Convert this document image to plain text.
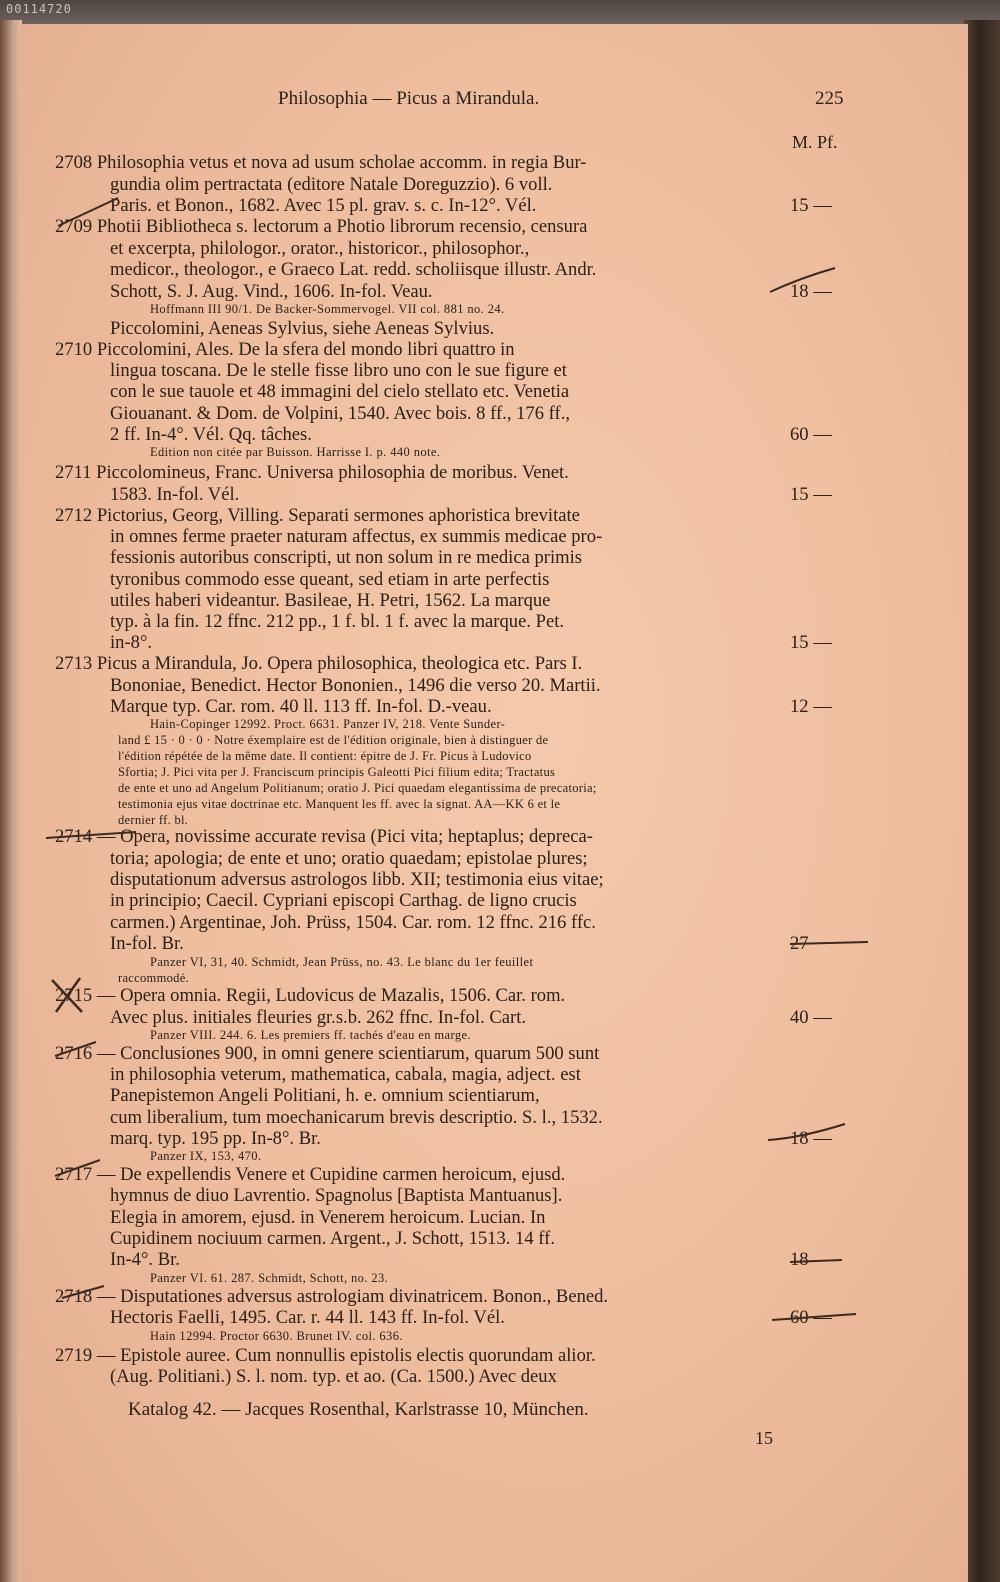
00114720
Philosophia — Picus a Mirandula.	225
M. Pf.
2708 Philosophia vetus et nova ad usum scholae accomm. in regia Bur-
gundia olim pertractata (editore Natale Doreguzzio). 6 voll.
Paris. et Bonon., 1682. Avec 15 pl. grav. s. c. In-12°. Vél.
2709 Photii Bibliotheca s. lectorum a Photio librorum recensio, censura
et excerpta, philologor., orator., historicor., philosophor.,
medicor., theologor., e Graeco Lat. redd. scholiisque illustr. Andr.
Schott, S. J. Aug. Vind., 1606. In-fol. Veau.
Hoffmann III 90/1. De Backer-Sommervogel. VII col. 881 no. 24.
Piccolomini, Aeneas Sylvius, siehe Aeneas Sylvius.
2710 Piccolomini, Ales. De la sfera del mondo libri quattro in
lingua toscana. De le stelle fisse libro uno con le sue figure et
con le sue tauole et 48 immagini del cielo stellato etc. Venetia
Giouanant. & Dom. de Volpini, 1540. Avec bois. 8 ff., 176 ff.,
2 ff. In-4°. Vél. Qq. tâches.
Edition non citée par Buisson. Harrisse I. p. 440 note.
2711 Piccolomineus, Franc. Universa philosophia de moribus. Venet.
1583. In-fol. Vél.
2712 Pictorius, Georg, Villing. Separati sermones aphoristica brevitate
in omnes ferme praeter naturam affectus, ex summis medicae pro-
fessionis autoribus conscripti, ut non solum in re medica primis
tyronibus commodo esse queant, sed etiam in arte perfectis
utiles haberi videantur. Basileae, H. Petri, 1562. La marque
typ. à la fin. 12 ffnc. 212 pp., 1 f. bl. 1 f. avec la marque. Pet.
in-8°.
2713 Picus a Mirandula, Jo. Opera philosophica, theologica etc. Pars I.
Bononiae, Benedict. Hector Bononien., 1496 die verso 20. Martii.
Marque typ. Car. rom. 40 ll. 113 ff. In-fol. D.-veau.
Hain-Copinger 12992. Proct. 6631. Panzer IV, 218. Vente Sunder-
land £ 15 · 0 · 0 · Notre éxemplaire est de l'édition originale, bien à distinguer de
l'édition répétée de la même date. Il contient: épitre de J. Fr. Picus à Ludovico
Sfortia; J. Pici vita per J. Franciscum principis Galeotti Pici filium edita; Tractatus
de ente et uno ad Angelum Politianum; oratio J. Pici quaedam elegantissima de precatoria;
testimonia ejus vitae doctrinae etc. Manquent les ff. avec la signat. AA—KK 6 et le
dernier ff. bl.
2714 — Opera, novissime accurate revisa (Pici vita; heptaplus; depreca-
toria; apologia; de ente et uno; oratio quaedam; epistolae plures;
disputationum adversus astrologos libb. XII; testimonia eius vitae;
in principio; Caecil. Cypriani episcopi Carthag. de ligno crucis
carmen.) Argentinae, Joh. Prüss, 1504. Car. rom. 12 ffnc. 216 ffc.
In-fol. Br.
Panzer VI, 31, 40. Schmidt, Jean Prüss, no. 43. Le blanc du 1er feuillet
raccommodé.
2715 — Opera omnia. Regii, Ludovicus de Mazalis, 1506. Car. rom.
Avec plus. initiales fleuries gr.s.b. 262 ffnc. In-fol. Cart.
Panzer VIII. 244. 6. Les premiers ff. tachés d'eau en marge.
2716 — Conclusiones 900, in omni genere scientiarum, quarum 500 sunt
in philosophia veterum, mathematica, cabala, magia, adject. est
Panepistemon Angeli Politiani, h. e. omnium scientiarum,
cum liberalium, tum moechanicarum brevis descriptio. S. l., 1532.
marq. typ. 195 pp. In-8°. Br.
Panzer IX, 153, 470.
2717 — De expellendis Venere et Cupidine carmen heroicum, ejusd.
hymnus de diuo Lavrentio. Spagnolus [Baptista Mantuanus].
Elegia in amorem, ejusd. in Venerem heroicum. Lucian. In
Cupidinem nociuum carmen. Argent., J. Schott, 1513. 14 ff.
In-4°. Br.
Panzer VI. 61. 287. Schmidt, Schott, no. 23.
2718 — Disputationes adversus astrologiam divinatricem. Bonon., Bened.
Hectoris Faelli, 1495. Car. r. 44 ll. 143 ff. In-fol. Vél.
Hain 12994. Proctor 6630. Brunet IV. col. 636.
2719 — Epistole aureе. Cum nonnullis epistolis electis quorundam alior.
(Aug. Politiani.) S. l. nom. typ. et ao. (Ca. 1500.) Avec deux
15 —
18 —
60 —
15 —
15 —
12 —
27
40 —
18 —
18 —
60 —
Katalog 42. — Jacques Rosenthal, Karlstrasse 10, München.
15
